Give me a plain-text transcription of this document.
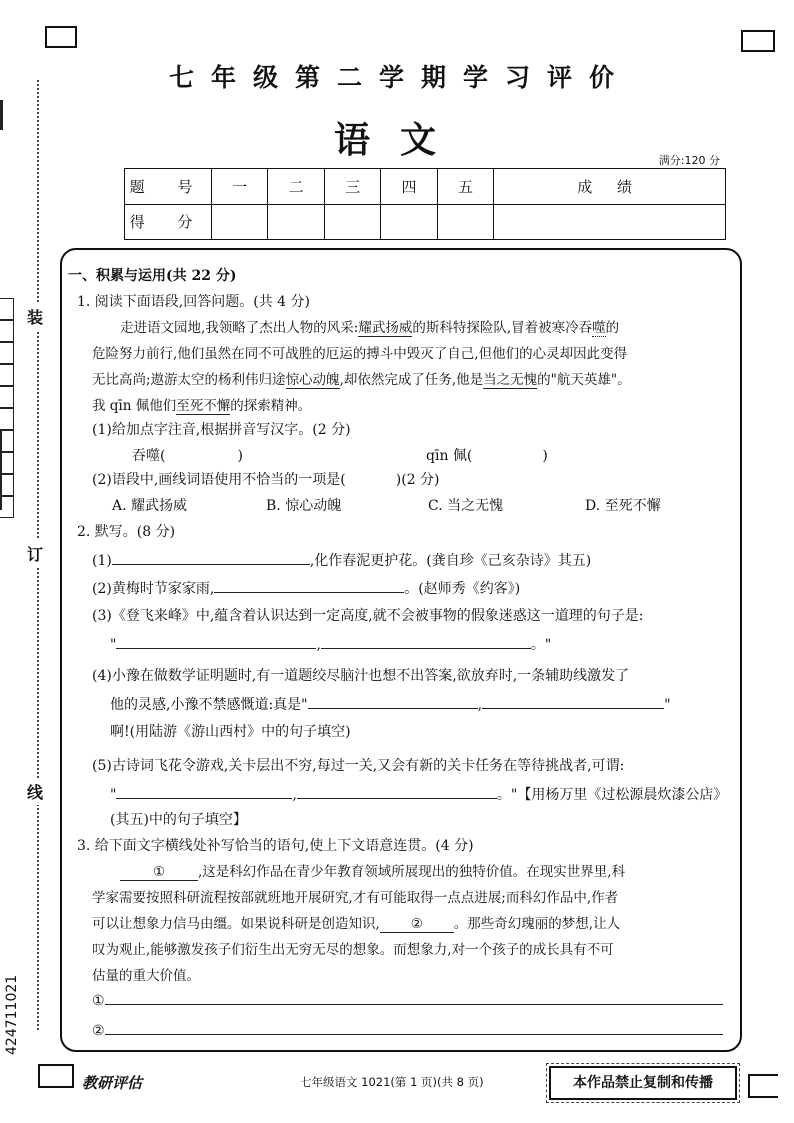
装
订
线
424711021
七年级第二学期学习评价
语文	满分:120 分
题 号	一	二	三	四	五	成 绩
得 分						
一、积累与运用(共 22 分)
1. 阅读下面语段,回答问题。(共 4 分)
走进语文园地,我领略了杰出人物的风采:耀武扬威的斯科特探险队,冒着被寒冷吞噬的
危险努力前行,他们虽然在同不可战胜的厄运的搏斗中毁灭了自己,但他们的心灵却因此变得
无比高尚;遨游太空的杨利伟归途惊心动魄,却依然完成了任务,他是当之无愧的"航天英雄"。
我 qīn 佩他们至死不懈的探索精神。
(1)给加点字注音,根据拼音写汉字。(2 分)
吞噬(	)	qīn 佩(	)
(2)语段中,画线词语使用不恰当的一项是(	)(2 分)
A. 耀武扬威	B. 惊心动魄	C. 当之无愧	D. 至死不懈
2. 默写。(8 分)
(1)	,化作春泥更护花。(龚自珍《己亥杂诗》其五)
(2)黄梅时节家家雨,	。(赵师秀《约客》)
(3)《登飞来峰》中,蕴含着认识达到一定高度,就不会被事物的假象迷惑这一道理的句子是:
"	,	。"
(4)小豫在做数学证明题时,有一道题绞尽脑汁也想不出答案,欲放弃时,一条辅助线激发了
他的灵感,小豫不禁感慨道:真是"	,	"
啊!(用陆游《游山西村》中的句子填空)
(5)古诗词飞花令游戏,关卡层出不穷,每过一关,又会有新的关卡任务在等待挑战者,可谓:
"	,	。"【用杨万里《过松源晨炊漆公店》
(其五)中的句子填空】
3. 给下面文字横线处补写恰当的语句,使上下文语意连贯。(4 分)
① ,这是科幻作品在青少年教育领域所展现出的独特价值。在现实世界里,科
学家需要按照科研流程按部就班地开展研究,才有可能取得一点点进展;而科幻作品中,作者
可以让想象力信马由缰。如果说科研是创造知识, ② 。那些奇幻瑰丽的梦想,让人
叹为观止,能够激发孩子们衍生出无穷无尽的想象。而想象力,对一个孩子的成长具有不可
估量的重大价值。
①
②
教研评估	七年级语文 1021(第 1 页)(共 8 页)	本作品禁止复制和传播
